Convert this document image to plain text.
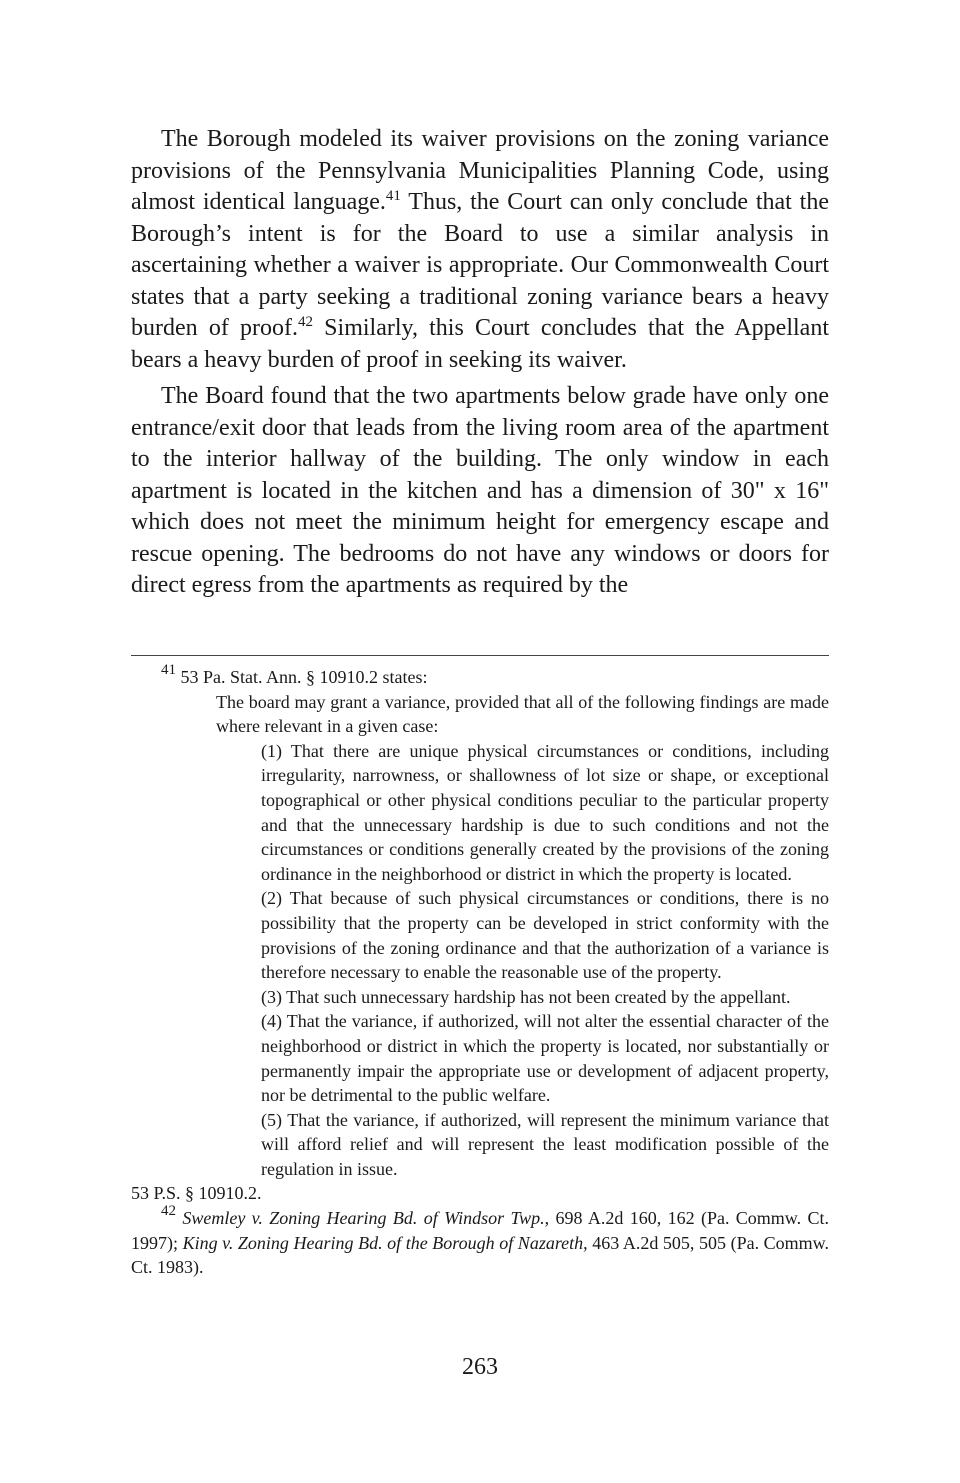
The Borough modeled its waiver provisions on the zoning variance provisions of the Pennsylvania Municipalities Planning Code, using almost identical language.$^{41}$ Thus, the Court can only conclude that the Borough’s intent is for the Board to use a similar analysis in ascertaining whether a waiver is appropriate. Our Commonwealth Court states that a party seeking a traditional zoning variance bears a heavy burden of proof.$^{42}$ Similarly, this Court concludes that the Appellant bears a heavy burden of proof in seeking its waiver.

The Board found that the two apartments below grade have only one entrance/exit door that leads from the living room area of the apartment to the interior hallway of the building. The only window in each apartment is located in the kitchen and has a dimension of 30" x 16" which does not meet the minimum height for emergency escape and rescue opening. The bedrooms do not have any windows or doors for direct egress from the apartments as required by the

$^{41}$ 53 Pa. Stat. Ann. § 10910.2 states:

The board may grant a variance, provided that all of the following findings are made where relevant in a given case:

(1) That there are unique physical circumstances or conditions, including irregularity, narrowness, or shallowness of lot size or shape, or exceptional topographical or other physical conditions peculiar to the particular property and that the unnecessary hardship is due to such conditions and not the circumstances or conditions generally created by the provisions of the zoning ordinance in the neighborhood or district in which the property is located.

(2) That because of such physical circumstances or conditions, there is no possibility that the property can be developed in strict conformity with the provisions of the zoning ordinance and that the authorization of a variance is therefore necessary to enable the reasonable use of the property.

(3) That such unnecessary hardship has not been created by the appellant.

(4) That the variance, if authorized, will not alter the essential character of the neighborhood or district in which the property is located, nor substantially or permanently impair the appropriate use or development of adjacent property, nor be detrimental to the public welfare.

(5) That the variance, if authorized, will represent the minimum variance that will afford relief and will represent the least modification possible of the regulation in issue.

53 P.S. § 10910.2.

$^{42}$ Swemley v. Zoning Hearing Bd. of Windsor Twp., 698 A.2d 160, 162 (Pa. Commw. Ct. 1997); King v. Zoning Hearing Bd. of the Borough of Nazareth, 463 A.2d 505, 505 (Pa. Commw. Ct. 1983).

263
